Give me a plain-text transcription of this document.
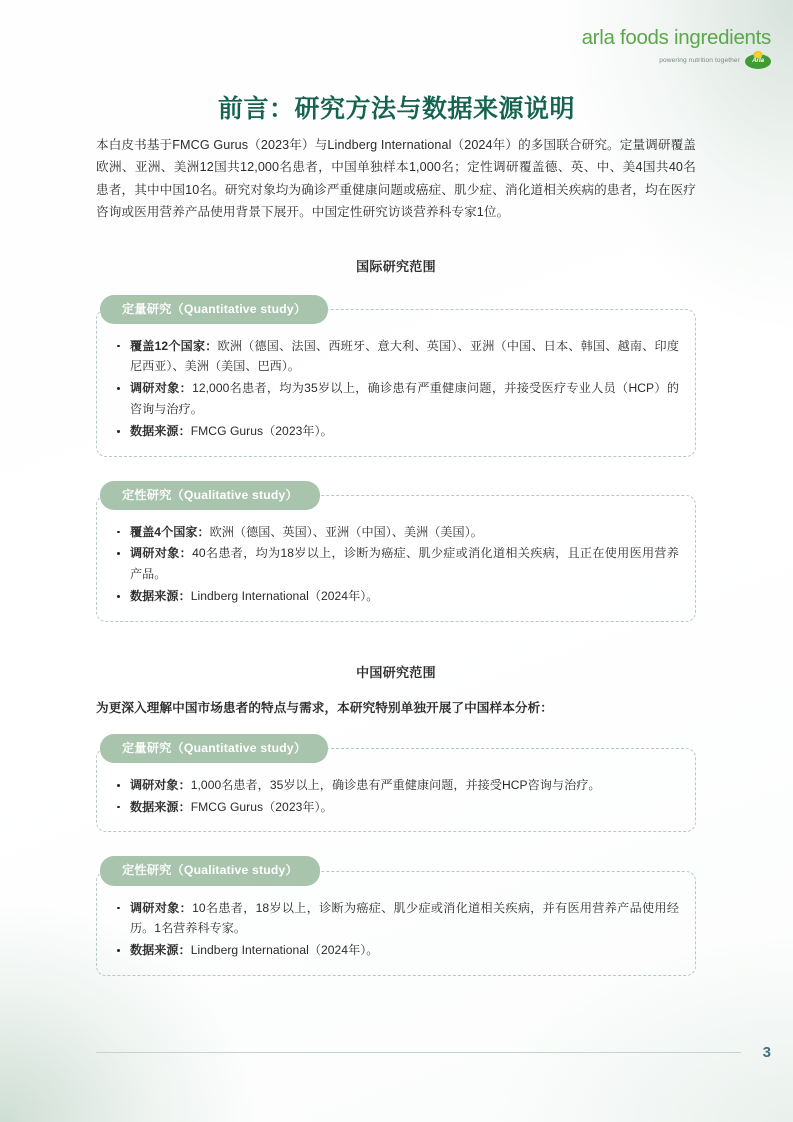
arla foods ingredients
powering nutrition together Arla
前言：研究方法与数据来源说明

本白皮书基于FMCG Gurus（2023年）与Lindberg International（2024年）的多国联合研究。定量调研覆盖欧洲、亚洲、美洲12国共12,000名患者，中国单独样本1,000名；定性调研覆盖德、英、中、美4国共40名患者，其中中国10名。研究对象均为确诊严重健康问题或癌症、肌少症、消化道相关疾病的患者，均在医疗咨询或医用营养产品使用背景下展开。中国定性研究访谈营养科专家1位。

国际研究范围
定量研究（Quantitative study）
覆盖12个国家：欧洲（德国、法国、西班牙、意大利、英国）、亚洲（中国、日本、韩国、越南、印度尼西亚）、美洲（美国、巴西）。
调研对象：12,000名患者，均为35岁以上，确诊患有严重健康问题，并接受医疗专业人员（HCP）的咨询与治疗。
数据来源：FMCG Gurus（2023年）。
定性研究（Qualitative study）
覆盖4个国家：欧洲（德国、英国）、亚洲（中国）、美洲（美国）。
调研对象：40名患者，均为18岁以上，诊断为癌症、肌少症或消化道相关疾病，且正在使用医用营养产品。
数据来源：Lindberg International（2024年）。
中国研究范围
为更深入理解中国市场患者的特点与需求，本研究特别单独开展了中国样本分析：
定量研究（Quantitative study）
调研对象：1,000名患者，35岁以上，确诊患有严重健康问题，并接受HCP咨询与治疗。
数据来源：FMCG Gurus（2023年）。
定性研究（Qualitative study）
调研对象：10名患者，18岁以上，诊断为癌症、肌少症或消化道相关疾病，并有医用营养产品使用经历。1名营养科专家。
数据来源：Lindberg International（2024年）。
3
